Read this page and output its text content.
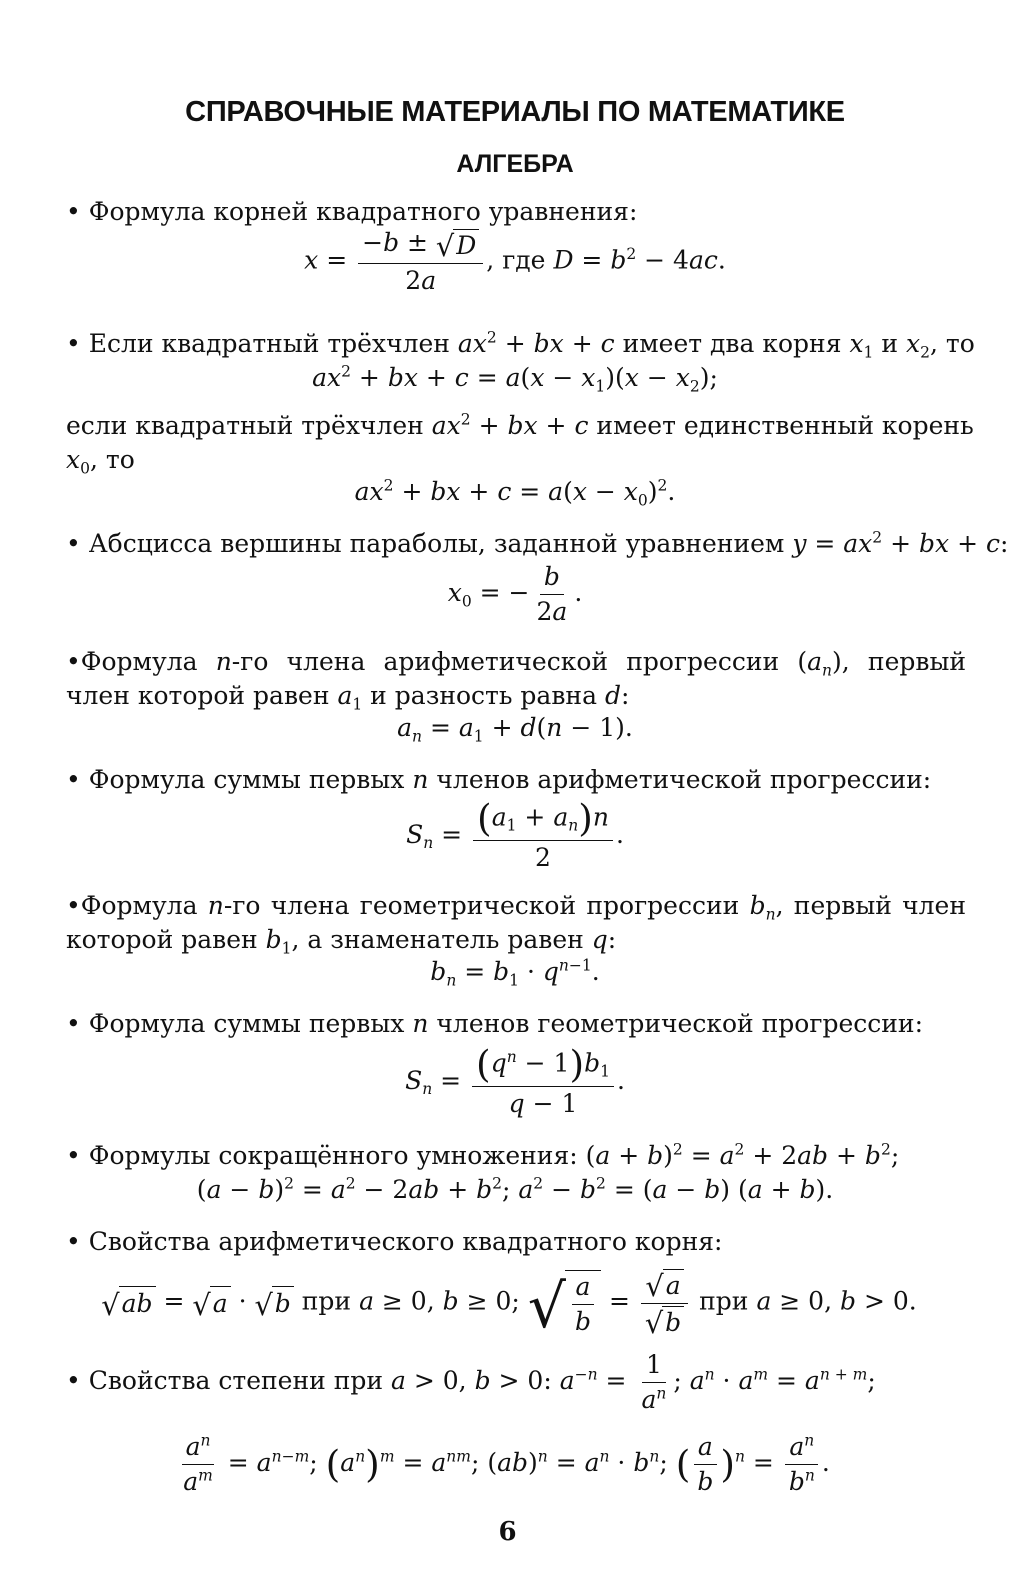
СПРАВОЧНЫЕ МАТЕРИАЛЫ ПО МАТЕМАТИКЕ
АЛГЕБРА
• Формула корней квадратного уравнения:
$x = \frac{-b \pm √ D}{2a}$ , где $D = b^2 - 4ac$.
• Если квадратный трёхчлен $ax^2$ + bx + c имеет два корня $x_1$ и $x_2$, то
$ax^2$ + bx + $c = a(x - x_1)(x - x_2)$;
если квадратный трёхчлен $ax^2$ + bx + c имеет единственный корень
$x_0$, то
$ax^2$ + bx + $c = a(x - x_0)^2$.
• Абсцисса вершины параболы, заданной уравнением $y = ax^2$ + bx + c:
$x_0$ = − $\frac{b}{2a}$ .
•Формула n-го члена арифметической прогрессии $(a_n)$, первый
член которой равен $a_1$ и разность равна d:
$a_n = a_1 + d(n - 1)$.
• Формула суммы первых n членов арифметической прогрессии:
$S_n = \frac{(a_1 + a_n)n}{2}$ .
•Формула n-го члена геометрической прогрессии $b_n$, первый член
которой равен $b_1$, а знаменатель равен q:
$b_n = b_1 \cdot q^{n-1}$.
• Формула суммы первых n членов геометрической прогрессии:
$S_n = \frac{(q^n - 1)b_1}{q - 1}$ .
• Формулы сокращённого умножения: $(a + b)^2 = a^2 + 2ab + b^2$;
$(a - b)^2 = a^2 - 2ab + b^2$; $a^2 - b^2 = (a - b) (a + b)$.
• Свойства арифметического квадратного корня:
√ ab = √ a · √ b при a ≥ 0, b ≥ 0; √ $\frac{a}{b} = \frac{√ a}{√ b}$ при a ≥ 0, b > 0.
• Свойства степени при a > 0, b > 0: $a^{-n} = \frac{1}{a^n}$ ; $a^n \cdot a^m = a^{n + m}$;
$\frac{a^n}{a^m} = a^{n-m}$; $(a^n)^m = a^{nm}$; $(ab)^n = a^n \cdot b^n$; ( $\frac{a}{b} )^n = \frac{a^n}{b^n}$ .
6
